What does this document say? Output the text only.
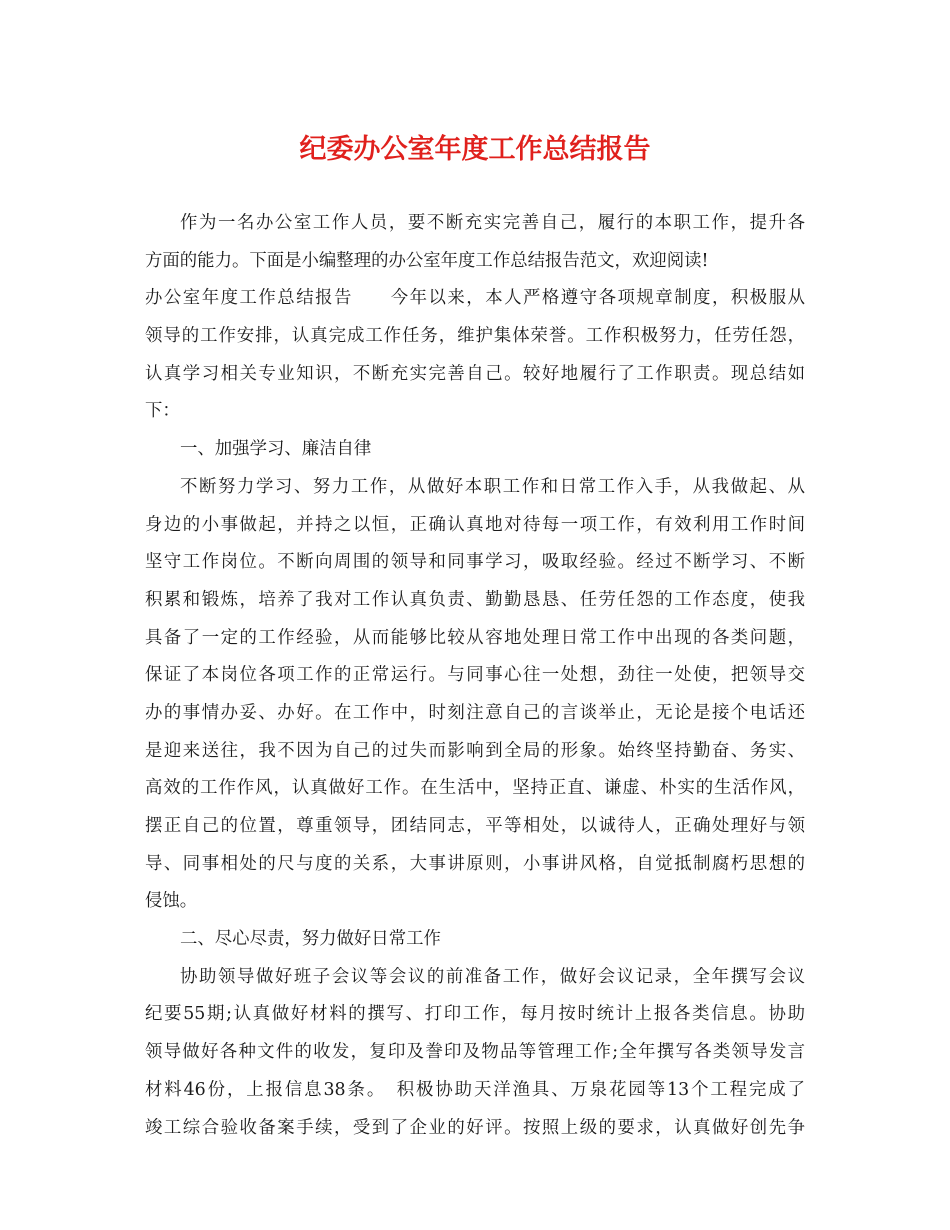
纪委办公室年度工作总结报告
作为一名办公室工作人员，要不断充实完善自己，履行的本职工作，提升各
方面的能力。下面是小编整理的办公室年度工作总结报告范文，欢迎阅读!
办公室年度工作总结报告　　今年以来，本人严格遵守各项规章制度，积极服从
领导的工作安排，认真完成工作任务，维护集体荣誉。工作积极努力，任劳任怨，
认真学习相关专业知识，不断充实完善自己。较好地履行了工作职责。现总结如
下：
一、加强学习、廉洁自律
不断努力学习、努力工作，从做好本职工作和日常工作入手，从我做起、从
身边的小事做起，并持之以恒，正确认真地对待每一项工作，有效利用工作时间
坚守工作岗位。不断向周围的领导和同事学习，吸取经验。经过不断学习、不断
积累和锻炼，培养了我对工作认真负责、勤勤恳恳、任劳任怨的工作态度，使我
具备了一定的工作经验，从而能够比较从容地处理日常工作中出现的各类问题，
保证了本岗位各项工作的正常运行。与同事心往一处想，劲往一处使，把领导交
办的事情办妥、办好。在工作中，时刻注意自己的言谈举止，无论是接个电话还
是迎来送往，我不因为自己的过失而影响到全局的形象。始终坚持勤奋、务实、
高效的工作作风，认真做好工作。在生活中，坚持正直、谦虚、朴实的生活作风，
摆正自己的位置，尊重领导，团结同志，平等相处，以诚待人，正确处理好与领
导、同事相处的尺与度的关系，大事讲原则，小事讲风格，自觉抵制腐朽思想的
侵蚀。
二、尽心尽责，努力做好日常工作
协助领导做好班子会议等会议的前准备工作，做好会议记录，全年撰写会议
纪要55期;认真做好材料的撰写、打印工作，每月按时统计上报各类信息。协助
领导做好各种文件的收发，复印及誊印及物品等管理工作;全年撰写各类领导发言
材料46份，上报信息38条。　积极协助天洋渔具、万泉花园等13个工程完成了
竣工综合验收备案手续，受到了企业的好评。按照上级的要求，认真做好创先争
